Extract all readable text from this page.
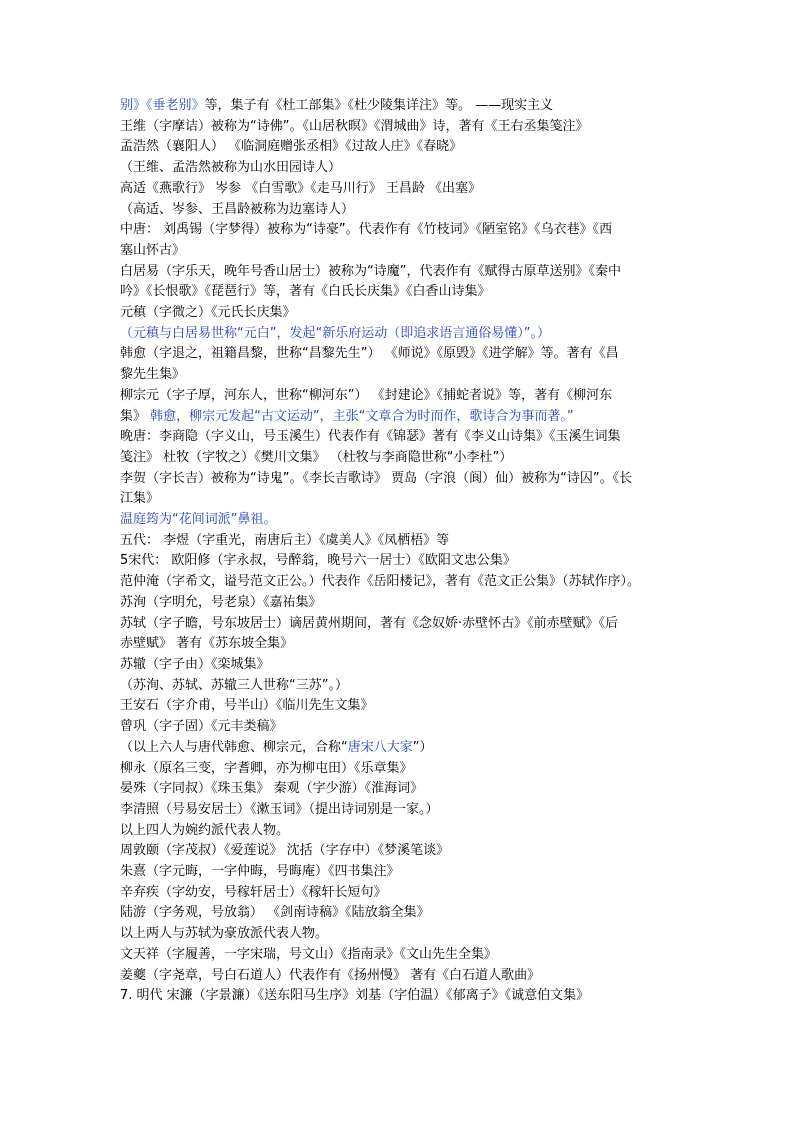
别》《垂老别》等，集子有《杜工部集》《杜少陵集详注》等。 ——现实主义
王维（字摩诘）被称为“诗佛”。《山居秋暝》《渭城曲》诗，著有《王右丞集笺注》
孟浩然（襄阳人） 《临洞庭赠张丞相》《过故人庄》《春晓》
（王维、孟浩然被称为山水田园诗人）
高适《燕歌行》 岑参 《白雪歌》《走马川行》 王昌龄 《出塞》
（高适、岑参、王昌龄被称为边塞诗人）
中唐： 刘禹锡（字梦得）被称为“诗豪”。代表作有《竹枝词》《陋室铭》《乌衣巷》《西
塞山怀古》
白居易（字乐天，晚年号香山居士）被称为“诗魔”，代表作有《赋得古原草送别》《秦中
吟》《长恨歌》《琵琶行》等，著有《白氏长庆集》《白香山诗集》
元稹（字微之）《元氏长庆集》
（元稹与白居易世称“元白”，发起“新乐府运动（即追求语言通俗易懂）”。）
韩愈（字退之，祖籍昌黎，世称“昌黎先生”） 《师说》《原毁》《进学解》等。著有《昌
黎先生集》
柳宗元（字子厚，河东人，世称“柳河东”） 《封建论》《捕蛇者说》等，著有《柳河东
集》 韩愈，柳宗元发起“古文运动”，主张“文章合为时而作，歌诗合为事而著。”
晚唐：李商隐（字义山，号玉溪生）代表作有《锦瑟》著有《李义山诗集》《玉溪生词集
笺注》 杜牧（字牧之）《樊川文集》 （杜牧与李商隐世称“小李杜”）
李贺（字长吉）被称为“诗鬼”。《李长吉歌诗》 贾岛（字浪（阆）仙）被称为“诗囚”。《长
江集》
温庭筠为“花间词派”鼻祖。
五代： 李煜（字重光，南唐后主）《虞美人》《凤栖梧》等
5宋代： 欧阳修（字永叔，号醉翁，晚号六一居士）《欧阳文忠公集》
范仲淹（字希文，谥号范文正公。）代表作《岳阳楼记》，著有《范文正公集》（苏轼作序）。
苏洵（字明允，号老泉）《嘉祐集》
苏轼（字子瞻，号东坡居士）谪居黄州期间，著有《念奴娇·赤壁怀古》《前赤壁赋》《后
赤壁赋》 著有《苏东坡全集》
苏辙（字子由）《栾城集》
（苏洵、苏轼、苏辙三人世称“三苏”。）
王安石（字介甫，号半山）《临川先生文集》
曾巩（字子固）《元丰类稿》
（以上六人与唐代韩愈、柳宗元，合称“唐宋八大家”）
柳永（原名三变，字耆卿，亦为柳屯田）《乐章集》
晏殊（字同叔）《珠玉集》 秦观（字少游）《淮海词》
李清照（号易安居士）《漱玉词》（提出诗词别是一家。）
以上四人为婉约派代表人物。
周敦颐（字茂叔）《爱莲说》 沈括（字存中）《梦溪笔谈》
朱熹（字元晦，一字仲晦，号晦庵）《四书集注》
辛弃疾（字幼安，号稼轩居士）《稼轩长短句》
陆游（字务观，号放翁） 《剑南诗稿》《陆放翁全集》
以上两人与苏轼为豪放派代表人物。
文天祥（字履善，一字宋瑞，号文山）《指南录》《文山先生全集》
姜夔（字尧章，号白石道人）代表作有《扬州慢》 著有《白石道人歌曲》
7. 明代 宋濂（字景濂）《送东阳马生序》刘基（字伯温）《郁离子》《诚意伯文集》
